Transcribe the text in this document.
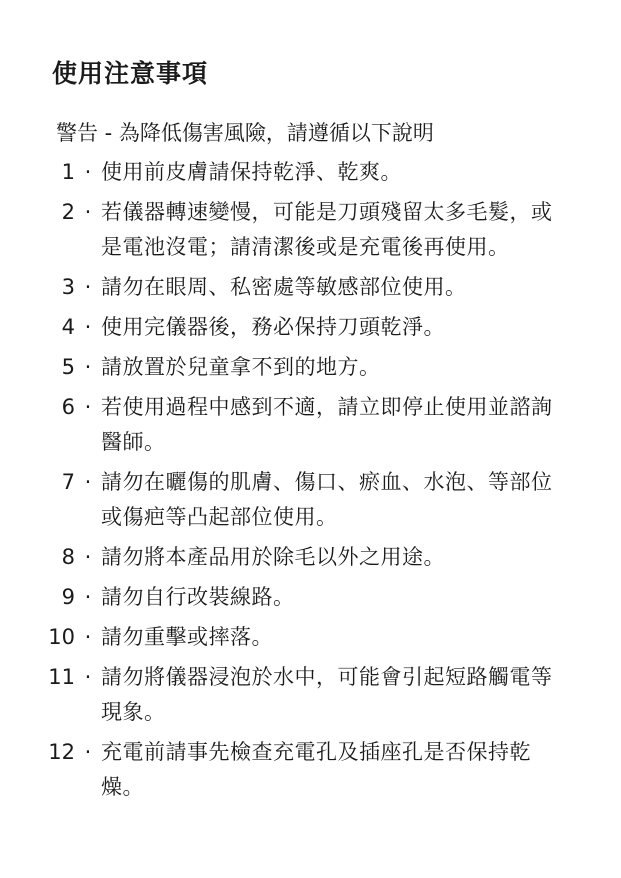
使用注意事項

警告 - 為降低傷害風險，請遵循以下說明

1 · 使用前皮膚請保持乾淨、乾爽。
2 · 若儀器轉速變慢，可能是刀頭殘留太多毛髮，或是電池沒電；請清潔後或是充電後再使用。
3 · 請勿在眼周、私密處等敏感部位使用。
4 · 使用完儀器後，務必保持刀頭乾淨。
5 · 請放置於兒童拿不到的地方。
6 · 若使用過程中感到不適，請立即停止使用並諮詢醫師。
7 · 請勿在曬傷的肌膚、傷口、瘀血、水泡、等部位或傷疤等凸起部位使用。
8 · 請勿將本產品用於除毛以外之用途。
9 · 請勿自行改裝線路。
10 · 請勿重擊或摔落。
11 · 請勿將儀器浸泡於水中，可能會引起短路觸電等現象。
12 · 充電前請事先檢查充電孔及插座孔是否保持乾燥。
